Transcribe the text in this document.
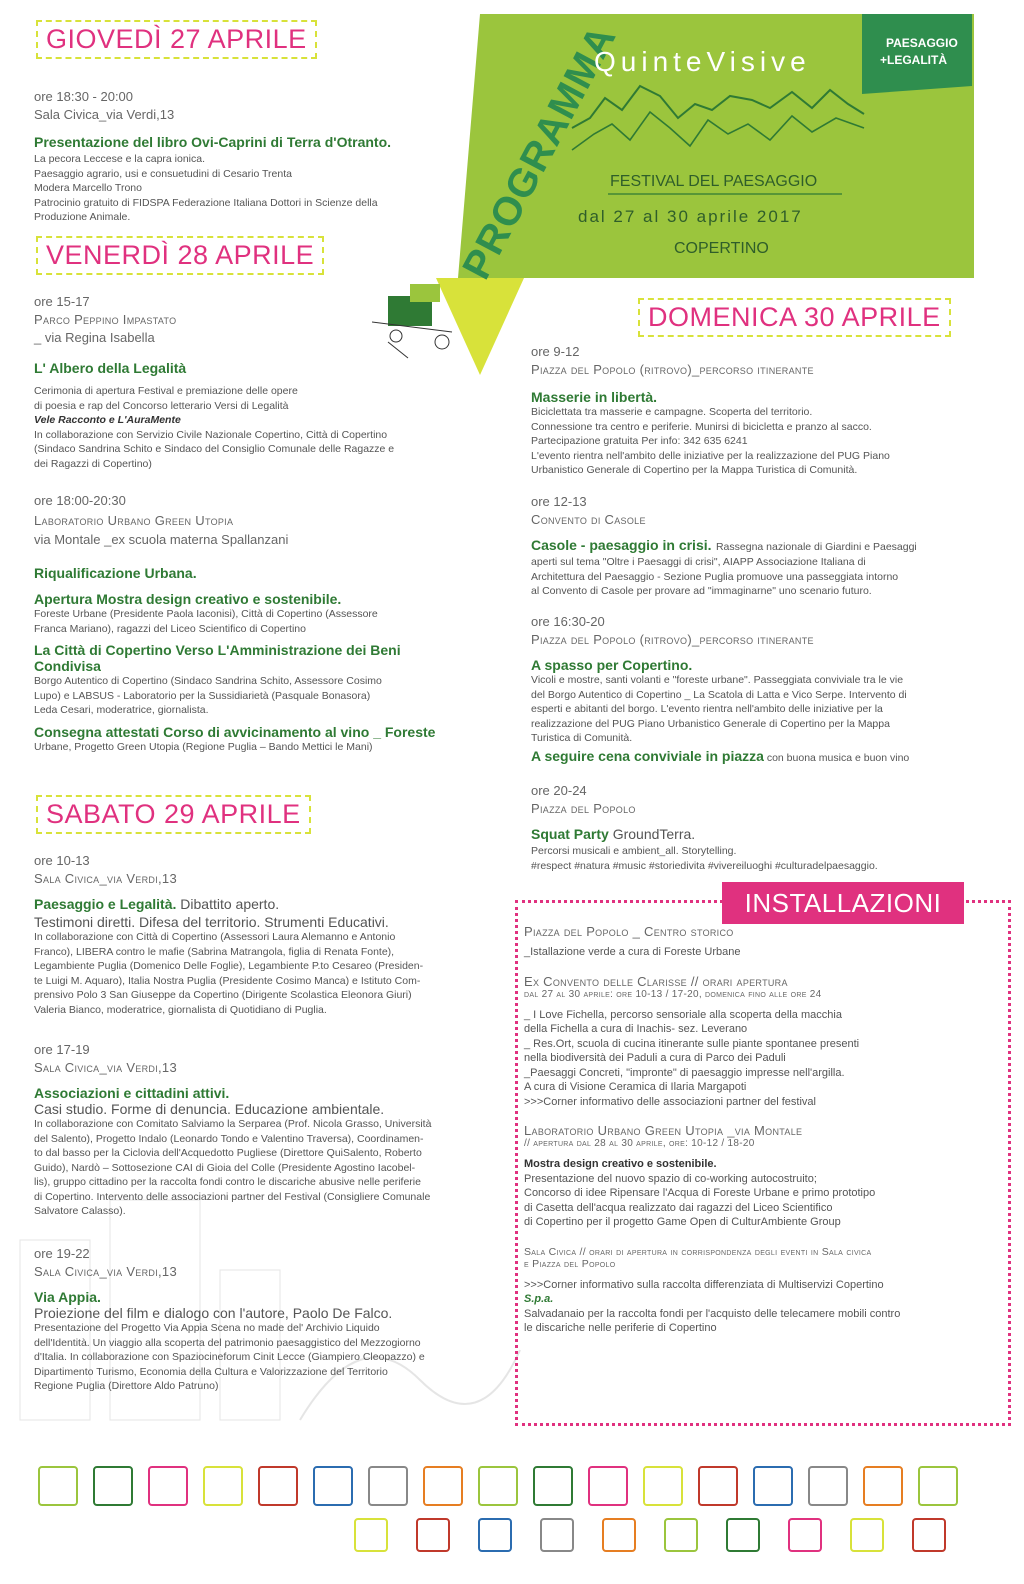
PROGRAMMA
QuinteVisive
PAESAGGIO
+LEGALITÀ
FESTIVAL DEL PAESAGGIO
dal 27 al 30 aprile 2017
COPERTINO
GIOVEDÌ 27 APRILE
ore 18:30 - 20:00
Sala Civica_via Verdi,13
Presentazione del libro Ovi-Caprini di Terra d'Otranto.
La pecora Leccese e la capra ionica.
Paesaggio agrario, usi e consuetudini di Cesario Trenta
Modera Marcello Trono
Patrocinio gratuito di FIDSPA Federazione Italiana Dottori in Scienze della
Produzione Animale.
VENERDÌ 28 APRILE
ore 15-17
Parco Peppino Impastato
_ via Regina Isabella
L' Albero della Legalità
Cerimonia di apertura Festival e premiazione delle opere
di poesia e rap del Concorso letterario Versi di Legalità
Vele Racconto e L'AuraMente
In collaborazione con Servizio Civile Nazionale Copertino, Città di Copertino
(Sindaco Sandrina Schito e Sindaco del Consiglio Comunale delle Ragazze e
dei Ragazzi di Copertino)
ore 18:00-20:30
Laboratorio Urbano Green Utopia
via Montale _ex scuola materna Spallanzani
Riqualificazione Urbana.
Apertura Mostra design creativo e sostenibile.
Foreste Urbane (Presidente Paola Iaconisi), Città di Copertino (Assessore
Franca Mariano), ragazzi del Liceo Scientifico di Copertino
La Città di Copertino Verso L'Amministrazione dei Beni Condivisa
Borgo Autentico di Copertino (Sindaco Sandrina Schito, Assessore Cosimo
Lupo) e LABSUS - Laboratorio per la Sussidiarietà (Pasquale Bonasora)
Leda Cesari, moderatrice, giornalista.
Consegna attestati Corso di avvicinamento al vino _ Foreste
Urbane, Progetto Green Utopia (Regione Puglia – Bando Mettici le Mani)
SABATO 29 APRILE
ore 10-13
Sala Civica_via Verdi,13
Paesaggio e Legalità. Dibattito aperto.
Testimoni diretti. Difesa del territorio. Strumenti Educativi.
In collaborazione con Città di Copertino (Assessori Laura Alemanno e Antonio
Franco), LIBERA contro le mafie (Sabrina Matrangola, figlia di Renata Fonte),
Legambiente Puglia (Domenico Delle Foglie), Legambiente P.to Cesareo (Presiden-
te Luigi M. Aquaro), Italia Nostra Puglia (Presidente Cosimo Manca) e Istituto Com-
prensivo Polo 3 San Giuseppe da Copertino (Dirigente Scolastica Eleonora Giuri)
Valeria Bianco, moderatrice, giornalista di Quotidiano di Puglia.
ore 17-19
Sala Civica_via Verdi,13
Associazioni e cittadini attivi.
Casi studio. Forme di denuncia. Educazione ambientale.
In collaborazione con Comitato Salviamo la Serparea (Prof. Nicola Grasso, Università
del Salento), Progetto Indalo (Leonardo Tondo e Valentino Traversa), Coordinamen-
to dal basso per la Ciclovia dell'Acquedotto Pugliese (Direttore QuiSalento, Roberto
Guido), Nardò – Sottosezione CAI di Gioia del Colle (Presidente Agostino Iacobel-
lis), gruppo cittadino per la raccolta fondi contro le discariche abusive nelle periferie
di Copertino. Intervento delle associazioni partner del Festival (Consigliere Comunale
Salvatore Calasso).
ore 19-22
Sala Civica_via Verdi,13
Via Appia.
Proiezione del film e dialogo con l'autore, Paolo De Falco.
Presentazione del Progetto Via Appia Scena no made del' Archivio Liquido
dell'Identità. Un viaggio alla scoperta del patrimonio paesaggistico del Mezzogiorno
d'Italia. In collaborazione con Spaziocineforum Cinit Lecce (Giampiero Cleopazzo) e
Dipartimento Turismo, Economia della Cultura e Valorizzazione del Territorio
Regione Puglia (Direttore Aldo Patruno)
DOMENICA 30 APRILE
ore 9-12
Piazza del Popolo (ritrovo)_percorso itinerante
Masserie in libertà.
Biciclettata tra masserie e campagne. Scoperta del territorio.
Connessione tra centro e periferie. Munirsi di bicicletta e pranzo al sacco.
Partecipazione gratuita Per info: 342 635 6241
L'evento rientra nell'ambito delle iniziative per la realizzazione del PUG Piano
Urbanistico Generale di Copertino per la Mappa Turistica di Comunità.
ore 12-13
Convento di Casole
Casole - paesaggio in crisi. Rassegna nazionale di Giardini e Paesaggi
aperti sul tema "Oltre i Paesaggi di crisi", AIAPP Associazione Italiana di
Architettura del Paesaggio - Sezione Puglia promuove una passeggiata intorno
al Convento di Casole per provare ad "immaginarne" uno scenario futuro.
ore 16:30-20
Piazza del Popolo (ritrovo)_percorso itinerante
A spasso per Copertino.
Vicoli e mostre, santi volanti e "foreste urbane". Passeggiata conviviale tra le vie
del Borgo Autentico di Copertino _ La Scatola di Latta e Vico Serpe. Intervento di
esperti e abitanti del borgo. L'evento rientra nell'ambito delle iniziative per la
realizzazione del PUG Piano Urbanistico Generale di Copertino per la Mappa
Turistica di Comunità.
A seguire cena conviviale in piazza con buona musica e buon vino
ore 20-24
Piazza del Popolo
Squat Party GroundTerra.
Percorsi musicali e ambient_all. Storytelling.
#respect #natura #music #storiedivita #vivereiluoghi #culturadelpaesaggio.
INSTALLAZIONI
Piazza del Popolo _ Centro storico
_Istallazione verde a cura di Foreste Urbane
Ex Convento delle Clarisse // orari apertura
dal 27 al 30 aprile: ore 10-13 / 17-20, domenica fino alle ore 24
_ I Love Fichella, percorso sensoriale alla scoperta della macchia
della Fichella a cura di Inachis- sez. Leverano
_ Res.Ort, scuola di cucina itinerante sulle piante spontanee presenti
nella biodiversità dei Paduli a cura di Parco dei Paduli
_Paesaggi Concreti, "impronte" di paesaggio impresse nell'argilla.
A cura di Visione Ceramica di Ilaria Margapoti
>>>Corner informativo delle associazioni partner del festival
Laboratorio Urbano Green Utopia _via Montale
// apertura dal 28 al 30 aprile, ore: 10-12 / 18-20
Mostra design creativo e sostenibile.
Presentazione del nuovo spazio di co-working autocostruito;
Concorso di idee Ripensare l'Acqua di Foreste Urbane e primo prototipo
di Casetta dell'acqua realizzato dai ragazzi del Liceo Scientifico
di Copertino per il progetto Game Open di CulturAmbiente Group
Sala Civica // orari di apertura in corrispondenza degli eventi in Sala civica
e Piazza del Popolo
>>>Corner informativo sulla raccolta differenziata di Multiservizi Copertino
S.p.a.
Salvadanaio per la raccolta fondi per l'acquisto delle telecamere mobili contro
le discariche nelle periferie di Copertino
